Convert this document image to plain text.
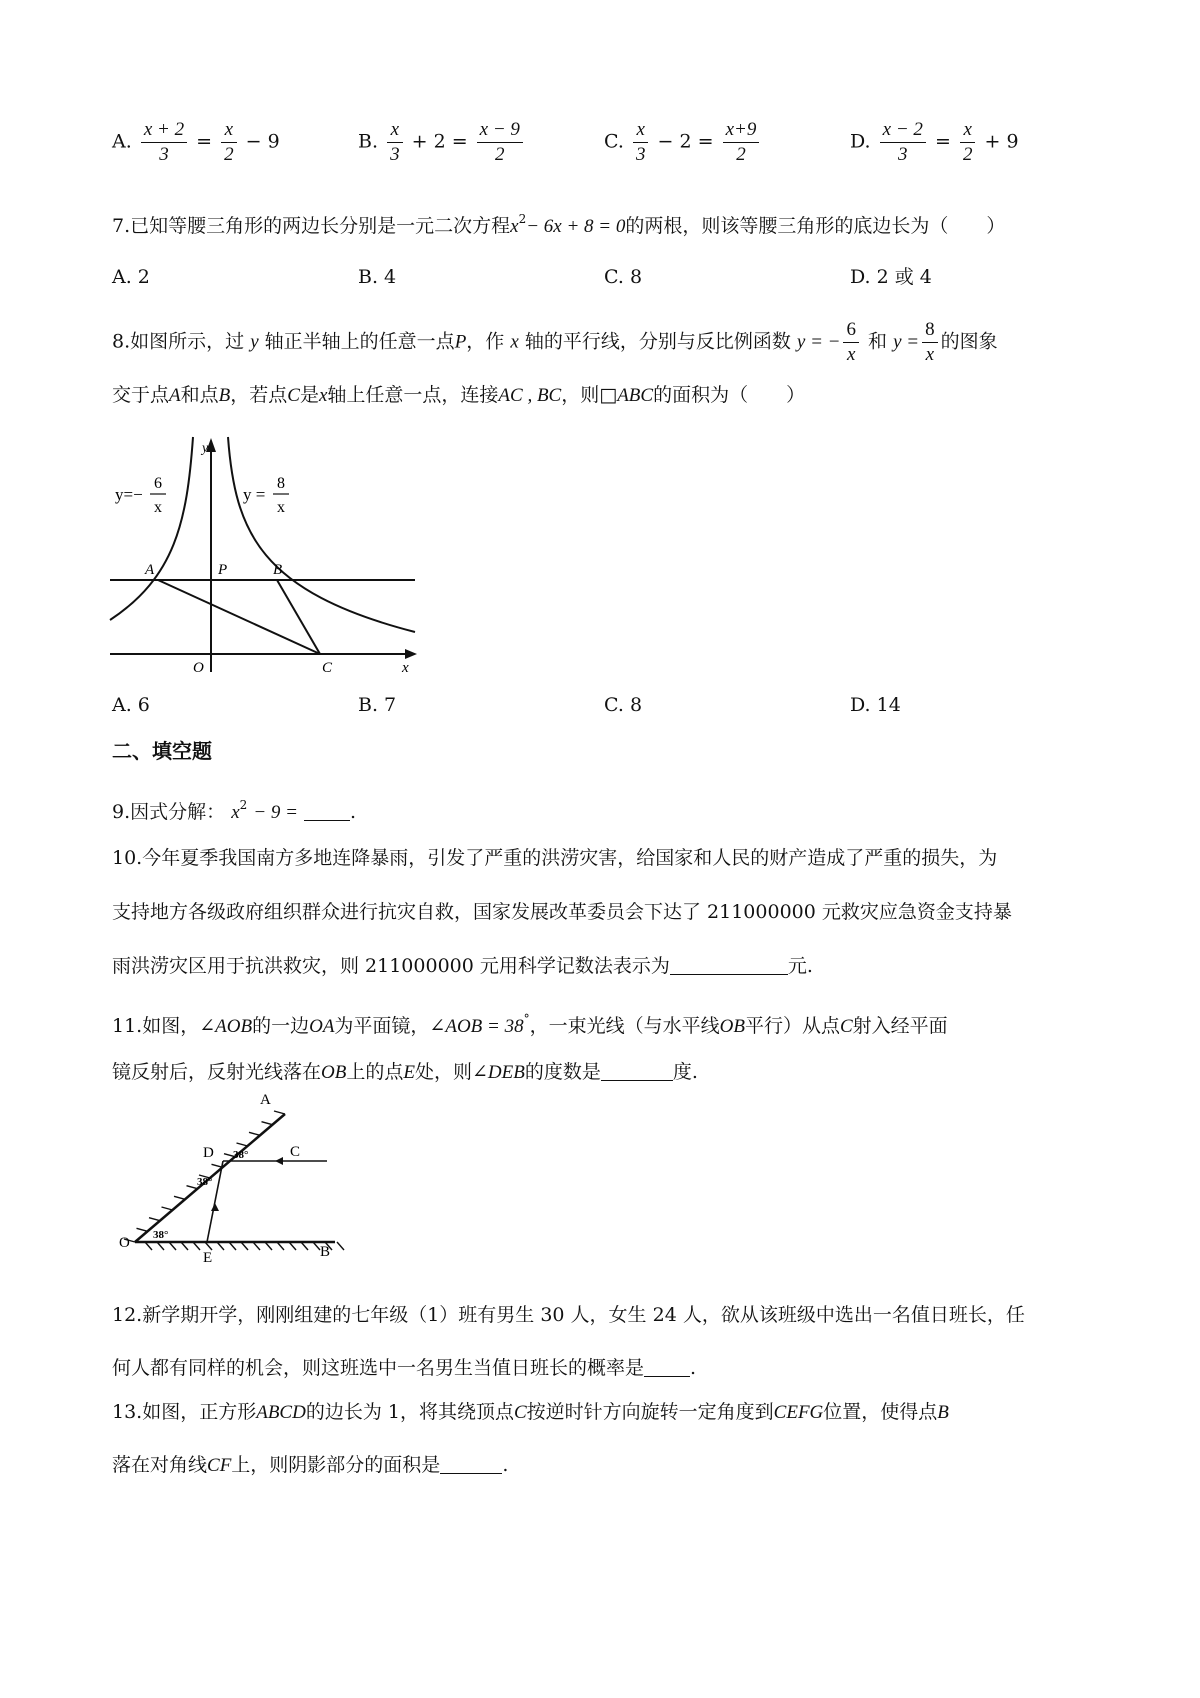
A. $\frac{x + 2}{3} = \frac{x}{2} - 9$	B. $\frac{x}{3} + 2 = \frac{x - 9}{2}$	C. $\frac{x}{3} - 2 = \frac{x+9}{2}$	D. $\frac{x - 2}{3} = \frac{x}{2} + 9$
7.已知等腰三角形的两边长分别是一元二次方程$x^2- 6x + 8 = 0$的两根，则该等腰三角形的底边长为（　　）
A. 2	B. 4	C. 8	D. 2 或 4
8.如图所示，过 y 轴正半轴上的任意一点P，作 x 轴的平行线，分别与反比例函数 y = − $\frac{6}{x}$ 和 $y = \frac{8}{x}$ 的图象
交于点A和点B，若点C是x轴上任意一点，连接AC , BC，则□ABC的面积为（　　）
y=−
6
x
y =
8
x
y
x
O
A	P	B
C
A. 6	B. 7	C. 8	D. 14
二、填空题
9.因式分解： $x^2 - 9$ =	.
10.今年夏季我国南方多地连降暴雨，引发了严重的洪涝灾害，给国家和人民的财产造成了严重的损失，为
支持地方各级政府组织群众进行抗灾自救，国家发展改革委员会下达了 211000000 元救灾应急资金支持暴
雨洪涝灾区用于抗洪救灾，则 211000000 元用科学记数法表示为	元.
11.如图，∠AOB的一边OA为平面镜，∠AOB = 38°，一束光线（与水平线OB平行）从点C射入经平面
镜反射后，反射光线落在OB上的点E处，则∠DEB的度数是	度.
A
B
C
D
E
O
38°
38°
38°
12.新学期开学，刚刚组建的七年级（1）班有男生 30 人，女生 24 人，欲从该班级中选出一名值日班长，任
何人都有同样的机会，则这班选中一名男生当值日班长的概率是 .
13.如图，正方形ABCD的边长为 1，将其绕顶点C按逆时针方向旋转一定角度到CEFG位置，使得点B
落在对角线CF上，则阴影部分的面积是	.
